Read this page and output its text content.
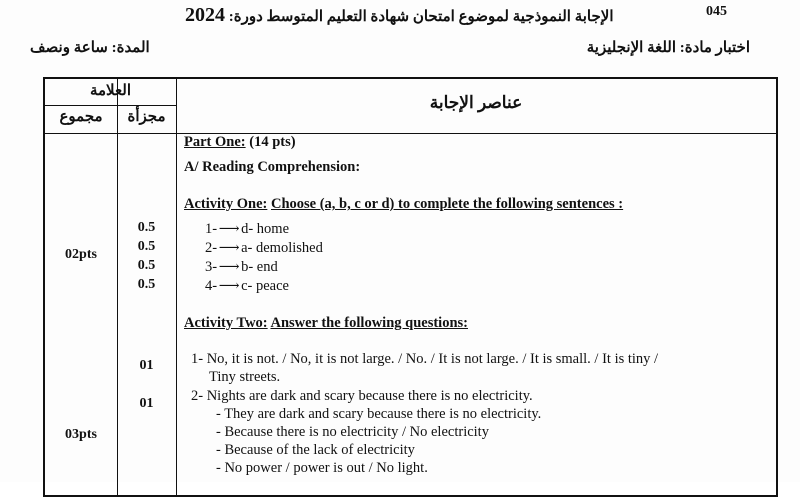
045
الإجابة النموذجية لموضوع امتحان شهادة التعليم المتوسط دورة: 2024
اختبار مادة: اللغة الإنجليزية
المدة: ساعة ونصف
العلامة
مجموع	مجزأة
عناصر الإجابة
02pts
03pts
0.5
0.5
0.5
0.5
01
01
Part One: (14 pts)
A/ Reading Comprehension:
Activity One: Choose (a, b, c or d) to complete the following sentences :
1- ⟶ d- home
2- ⟶ a- demolished
3- ⟶ b- end
4- ⟶ c- peace
Activity Two: Answer the following questions:
1- No, it is not. / No, it is not large. / No. / It is not large. / It is small. / It is tiny /
Tiny streets.
2- Nights are dark and scary because there is no electricity.
- They are dark and scary because there is no electricity.
- Because there is no electricity / No electricity
- Because of the lack of electricity
- No power / power is out / No light.
